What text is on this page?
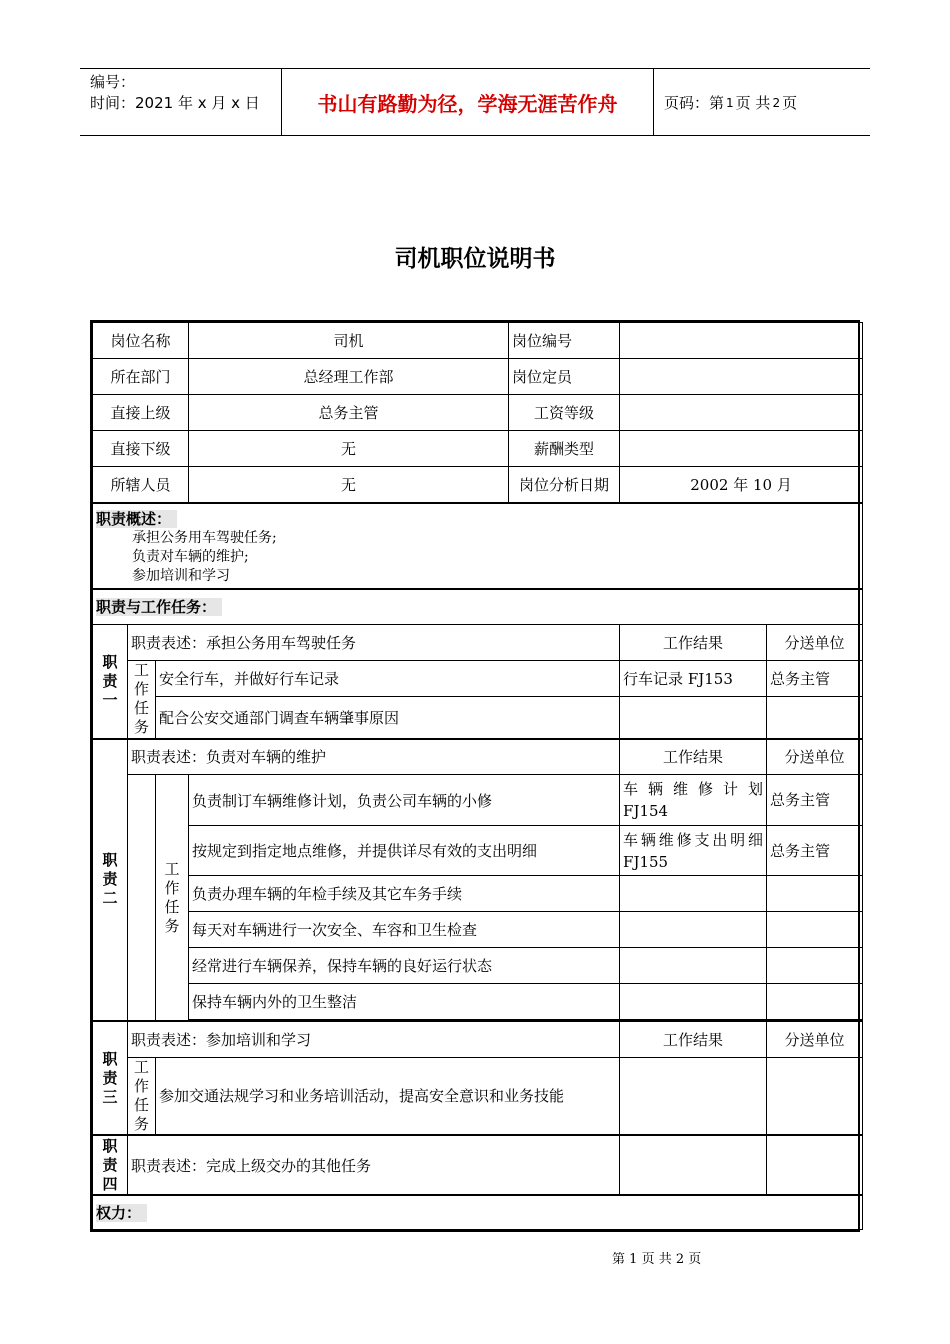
编号：
时间：2021 年 x 月 x 日	书山有路勤为径，学海无涯苦作舟	页码：第 1 页 共 2 页
司机职位说明书
岗位名称			司机	岗位编号		
所在部门			总经理工作部	岗位定员		
直接上级			总务主管	工资等级		
直接下级			无	薪酬类型		
所辖人员			无	岗位分析日期	2002 年 10 月	

职责概述：
承担公务用车驾驶任务;
负责对车辆的维护;
参加培训和学习						

职责与工作任务：						
职责一	职责表述：承担公务用车驾驶任务				工作结果	分送单位
	工作任务	安全行车，并做好行车记录			行车记录 FJ153	总务主管
		配合公安交通部门调查车辆肇事原因				
职责二	职责表述：负责对车辆的维护				工作结果	分送单位
		工作任务	负责制订车辆维修计划，负责公司车辆的小修		车辆维修计划
FJ154	总务主管
			按规定到指定地点维修，并提供详尽有效的支出明细		车辆维修支出明细
FJ155	总务主管
			负责办理车辆的年检手续及其它车务手续			
			每天对车辆进行一次安全、车容和卫生检查			
			经常进行车辆保养，保持车辆的良好运行状态			
			保持车辆内外的卫生整洁			

职责三	职责表述：参加培训和学习				工作结果	分送单位
	工作任务	参加交通法规学习和业务培训活动，提高安全意识和业务技能				
职责四	职责表述：完成上级交办的其他任务					
权力：						
第 1 页 共 2 页
